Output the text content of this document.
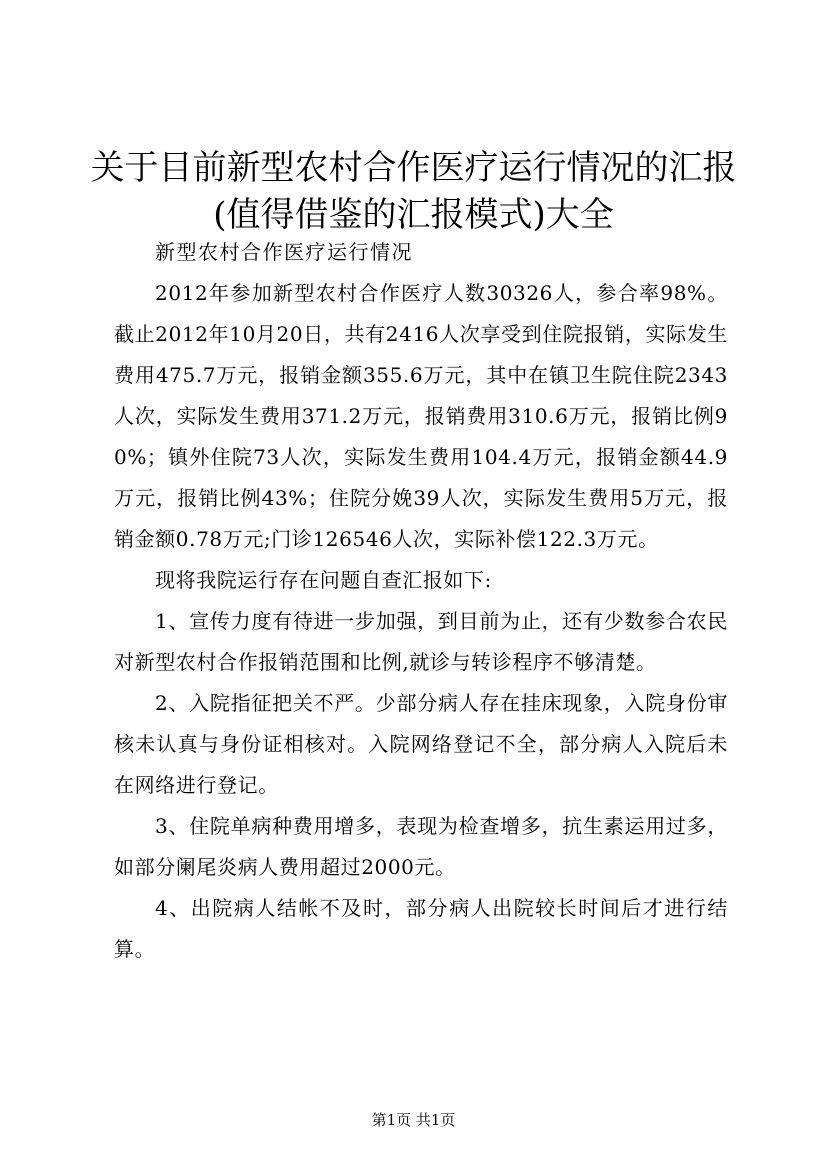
关于目前新型农村合作医疗运行情况的汇报
(值得借鉴的汇报模式)大全

新型农村合作医疗运行情况

2012年参加新型农村合作医疗人数30326人，参合率98%。截止2012年10月20日，共有2416人次享受到住院报销，实际发生费用475.7万元，报销金额355.6万元，其中在镇卫生院住院2343人次，实际发生费用371.2万元，报销费用310.6万元，报销比例90%；镇外住院73人次，实际发生费用104.4万元，报销金额44.9万元，报销比例43%；住院分娩39人次，实际发生费用5万元，报销金额0.78万元;门诊126546人次，实际补偿122.3万元。

现将我院运行存在问题自查汇报如下:

1、宣传力度有待进一步加强，到目前为止，还有少数参合农民对新型农村合作报销范围和比例,就诊与转诊程序不够清楚。

2、入院指征把关不严。少部分病人存在挂床现象，入院身份审核未认真与身份证相核对。入院网络登记不全，部分病人入院后未在网络进行登记。

3、住院单病种费用增多，表现为检查增多，抗生素运用过多，如部分阑尾炎病人费用超过2000元。

4、出院病人结帐不及时，部分病人出院较长时间后才进行结算。

第1页 共1页
